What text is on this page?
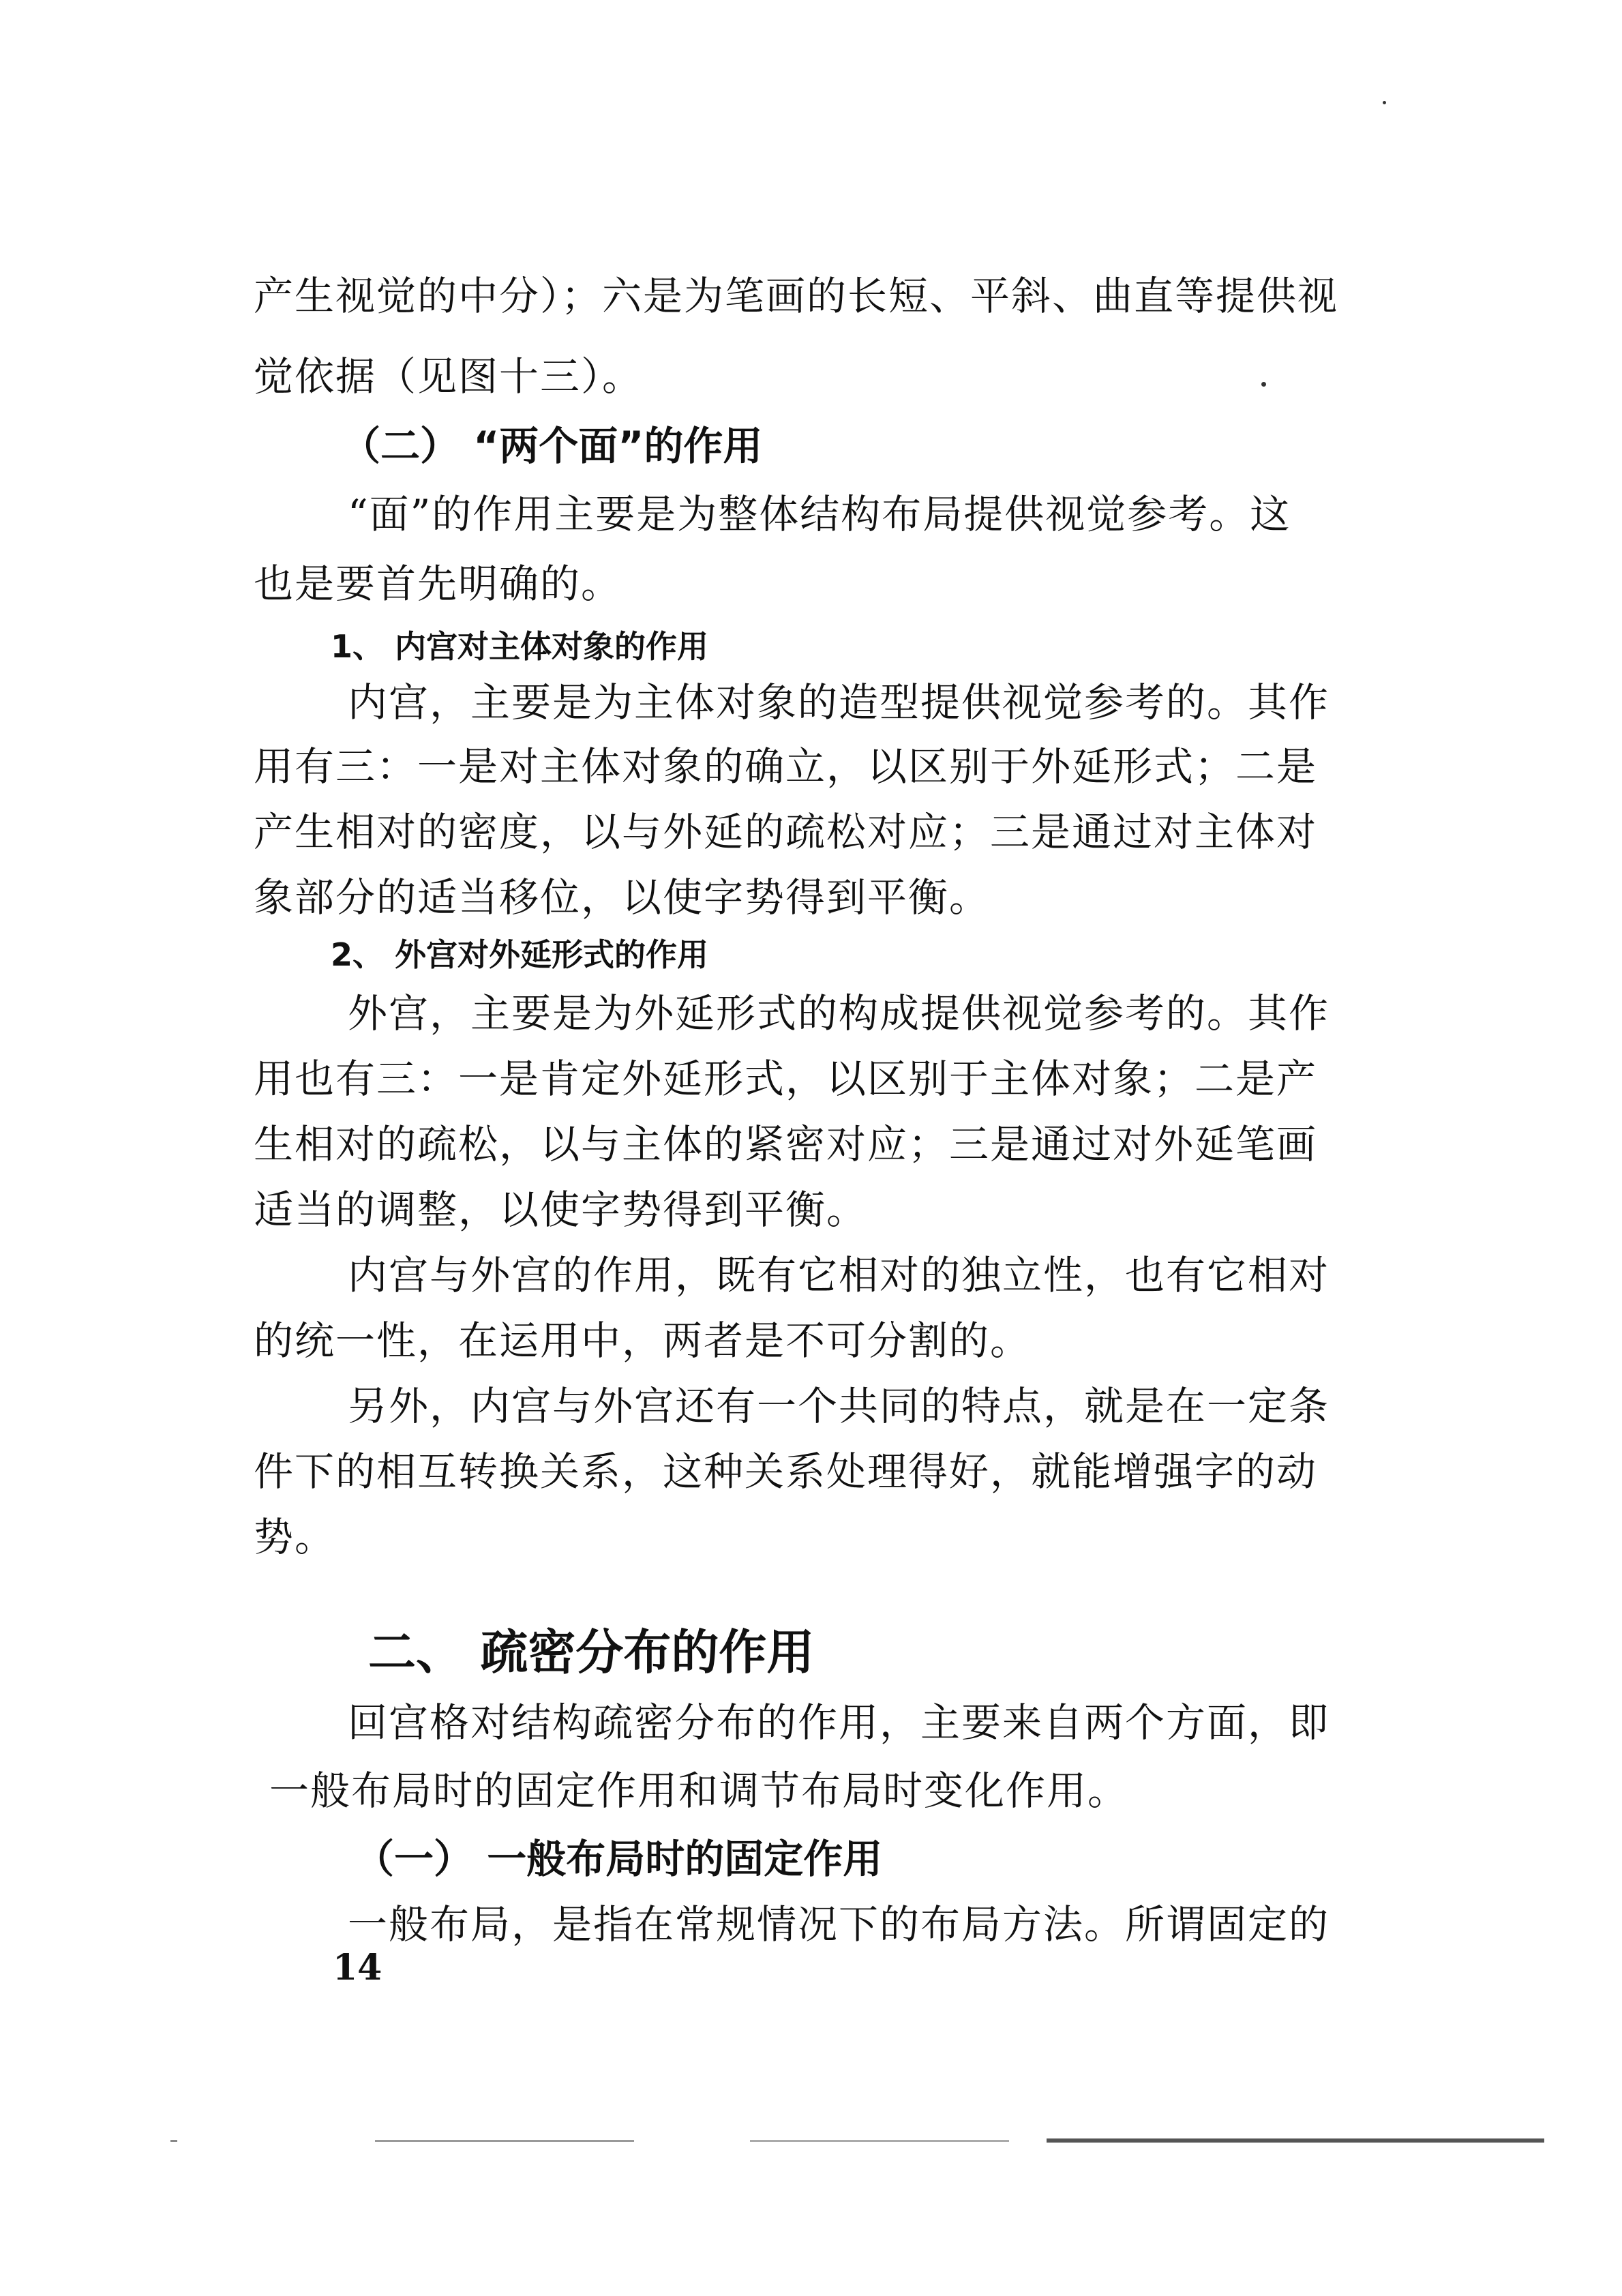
产生视觉的中分）；六是为笔画的长短、平斜、曲直等提供视
觉依据（见图十三）。
（二） “两个面”的作用
“面”的作用主要是为整体结构布局提供视觉参考。这
也是要首先明确的。
1、 内宫对主体对象的作用
内宫，主要是为主体对象的造型提供视觉参考的。其作
用有三：一是对主体对象的确立，以区别于外延形式；二是
产生相对的密度，以与外延的疏松对应；三是通过对主体对
象部分的适当移位，以使字势得到平衡。
2、 外宫对外延形式的作用
外宫，主要是为外延形式的构成提供视觉参考的。其作
用也有三：一是肯定外延形式，以区别于主体对象；二是产
生相对的疏松，以与主体的紧密对应；三是通过对外延笔画
适当的调整，以使字势得到平衡。
内宫与外宫的作用，既有它相对的独立性，也有它相对
的统一性，在运用中，两者是不可分割的。
另外，内宫与外宫还有一个共同的特点，就是在一定条
件下的相互转换关系，这种关系处理得好，就能增强字的动
势。
二、 疏密分布的作用
回宫格对结构疏密分布的作用，主要来自两个方面，即
一般布局时的固定作用和调节布局时变化作用。
（一） 一般布局时的固定作用
一般布局，是指在常规情况下的布局方法。所谓固定的
14
